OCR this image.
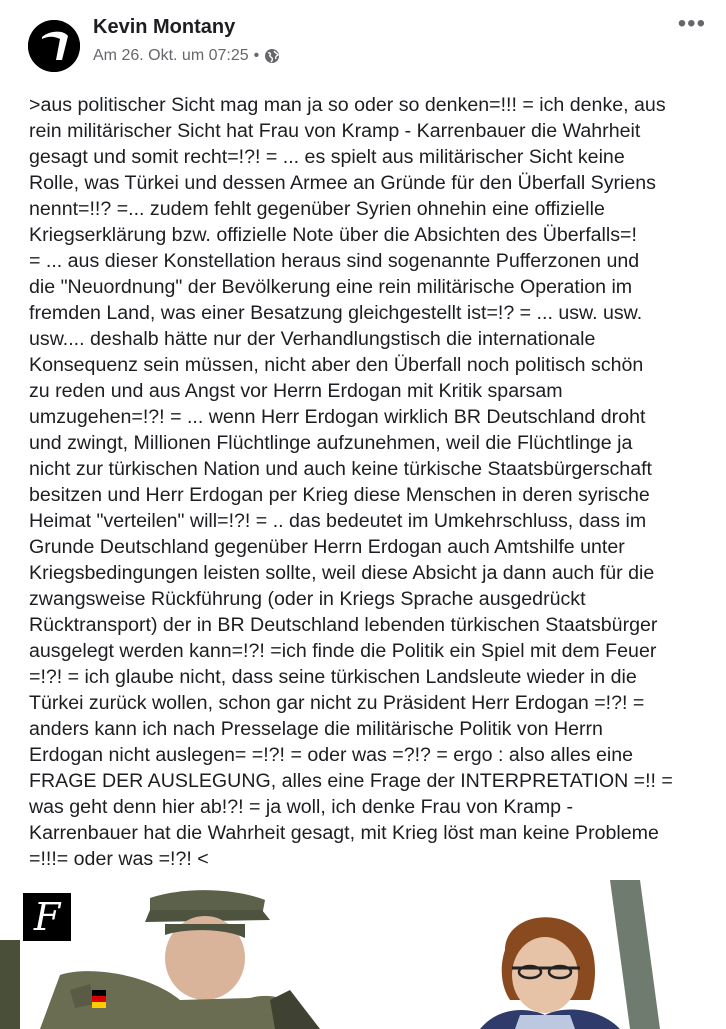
Kevin Montany
Am 26. Okt. um 07:25 •
•••

>aus politischer Sicht mag man ja so oder so denken=!!! = ich denke, aus

rein militärischer Sicht hat Frau von Kramp - Karrenbauer die Wahrheit

gesagt und somit recht=!?! = ... es spielt aus militärischer Sicht keine

Rolle, was Türkei und dessen Armee an Gründe für den Überfall Syriens

nennt=!!? =... zudem fehlt gegenüber Syrien ohnehin eine offizielle

Kriegserklärung bzw. offizielle Note über die Absichten des Überfalls=!

= ... aus dieser Konstellation heraus sind sogenannte Pufferzonen und

die "Neuordnung" der Bevölkerung eine rein militärische Operation im

fremden Land, was einer Besatzung gleichgestellt ist=!? = ... usw. usw.

usw.... deshalb hätte nur der Verhandlungstisch die internationale

Konsequenz sein müssen, nicht aber den Überfall noch politisch schön

zu reden und aus Angst vor Herrn Erdogan mit Kritik sparsam

umzugehen=!?! = ... wenn Herr Erdogan wirklich BR Deutschland droht

und zwingt, Millionen Flüchtlinge aufzunehmen, weil die Flüchtlinge ja

nicht zur türkischen Nation und auch keine türkische Staatsbürgerschaft

besitzen und Herr Erdogan per Krieg diese Menschen in deren syrische

Heimat "verteilen" will=!?! = .. das bedeutet im Umkehrschluss, dass im

Grunde Deutschland gegenüber Herrn Erdogan auch Amtshilfe unter

Kriegsbedingungen leisten sollte, weil diese Absicht ja dann auch für die

zwangsweise Rückführung (oder in Kriegs Sprache ausgedrückt

Rücktransport) der in BR Deutschland lebenden türkischen Staatsbürger

ausgelegt werden kann=!?! =ich finde die Politik ein Spiel mit dem Feuer

=!?! = ich glaube nicht, dass seine türkischen Landsleute wieder in die

Türkei zurück wollen, schon gar nicht zu Präsident Herr Erdogan =!?! =

anders kann ich nach Presselage die militärische Politik von Herrn

Erdogan nicht auslegen= =!?! = oder was =?!? = ergo : also alles eine

FRAGE DER AUSLEGUNG, alles eine Frage der INTERPRETATION =!! =

was geht denn hier ab!?! = ja woll, ich denke Frau von Kramp -

Karrenbauer hat die Wahrheit gesagt, mit Krieg löst man keine Probleme

=!!!= oder was =!?! <

F
